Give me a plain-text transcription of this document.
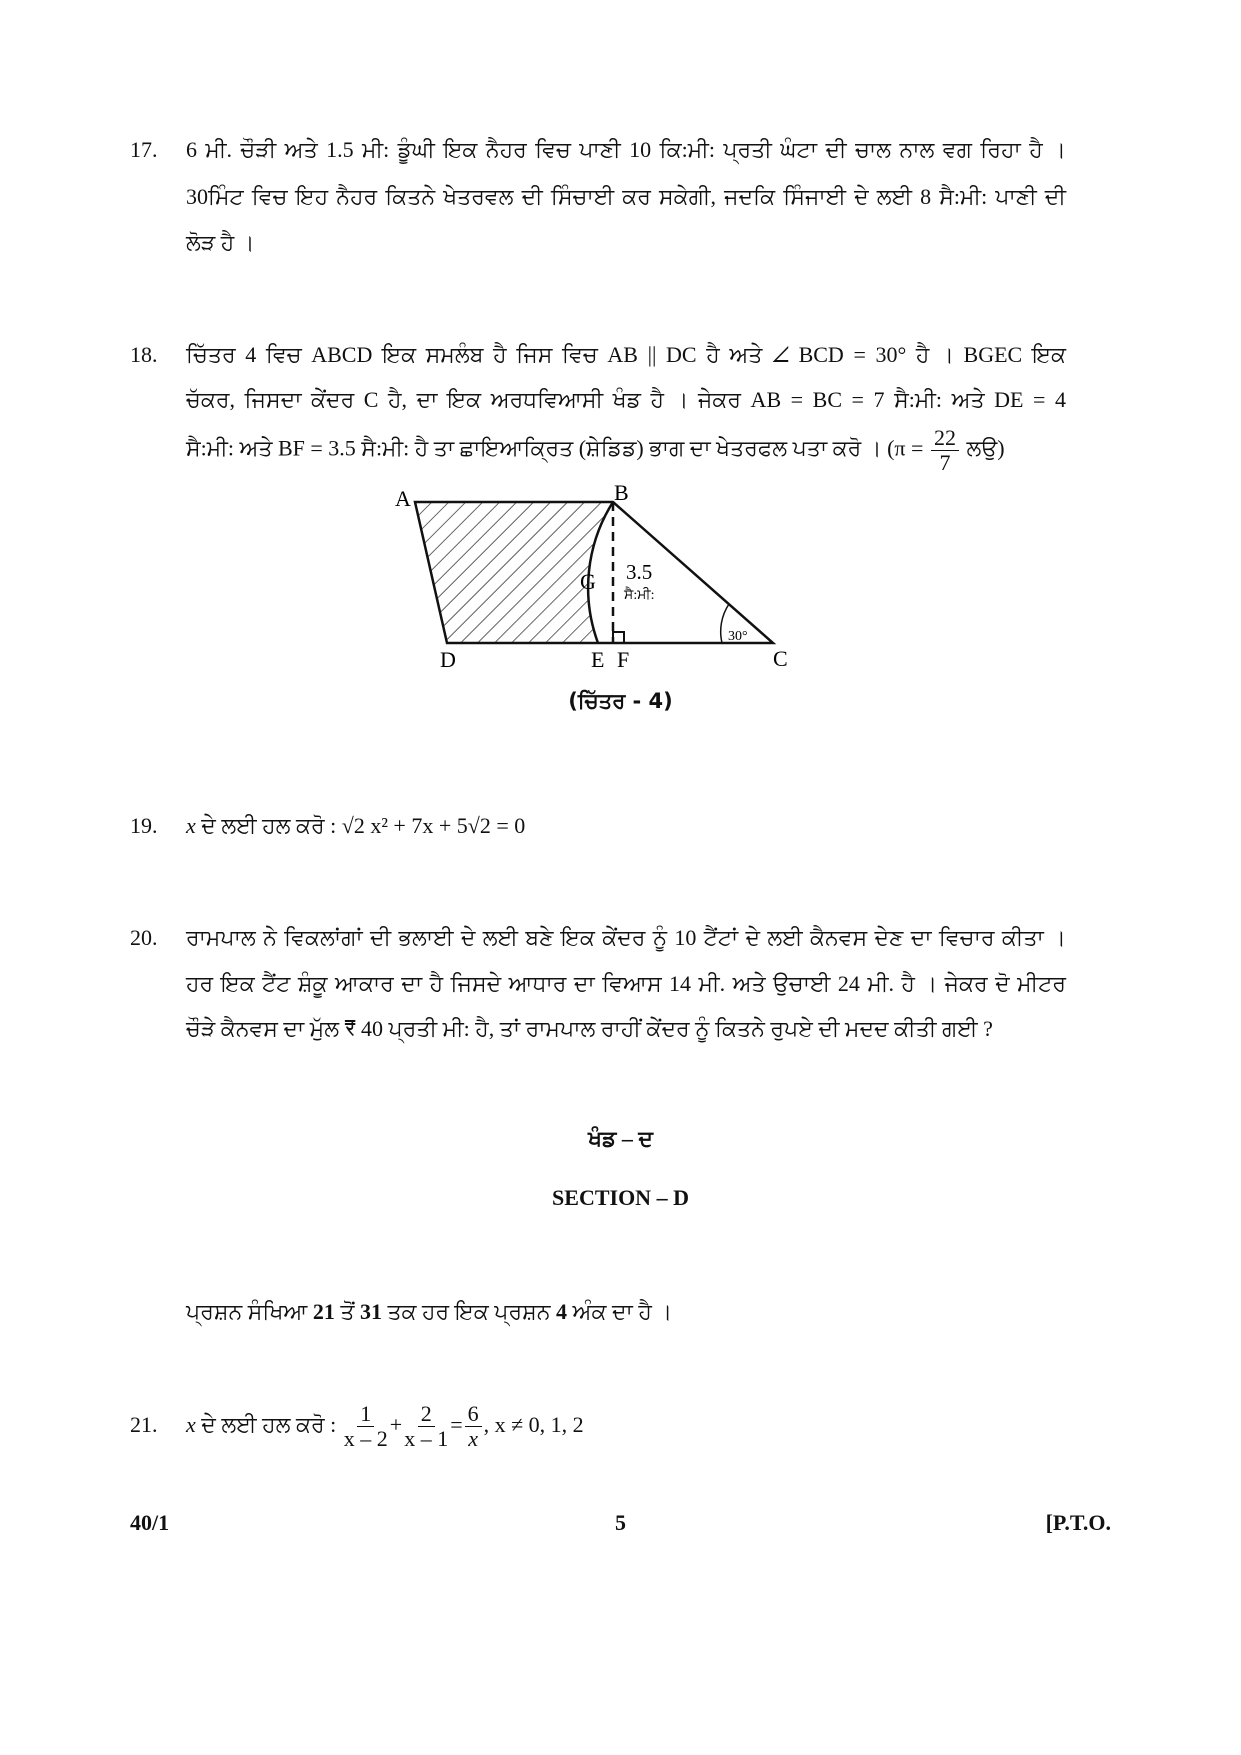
17. 6 ਮੀ. ਚੌੜੀ ਅਤੇ 1.5 ਮੀ: ਡੂੰਘੀ ਇਕ ਨੈਹਰ ਵਿਚ ਪਾਣੀ 10 ਕਿ:ਮੀ: ਪ੍ਰਤੀ ਘੰਟਾ ਦੀ ਚਾਲ ਨਾਲ ਵਗ ਰਿਹਾ ਹੈ ।
30ਮਿੰਟ ਵਿਚ ਇਹ ਨੈਹਰ ਕਿਤਨੇ ਖੇਤਰਵਲ ਦੀ ਸਿੰਚਾਈ ਕਰ ਸਕੇਗੀ, ਜਦਕਿ ਸਿੰਜਾਈ ਦੇ ਲਈ 8 ਸੈ:ਮੀ: ਪਾਣੀ ਦੀ
ਲੋੜ ਹੈ ।
18. ਚਿੱਤਰ 4 ਵਿਚ ABCD ਇਕ ਸਮਲੰਬ ਹੈ ਜਿਸ ਵਿਚ AB || DC ਹੈ ਅਤੇ ∠ BCD = 30° ਹੈ । BGEC ਇਕ
ਚੱਕਰ, ਜਿਸਦਾ ਕੇਂਦਰ C ਹੈ, ਦਾ ਇਕ ਅਰਧਵਿਆਸੀ ਖੰਡ ਹੈ । ਜੇਕਰ AB = BC = 7 ਸੈ:ਮੀ: ਅਤੇ DE = 4
ਸੈ:ਮੀ: ਅਤੇ BF = 3.5 ਸੈ:ਮੀ: ਹੈ ਤਾ ਛਾਇਆਕ੍ਰਿਤ (ਸ਼ੇਡਿਡ) ਭਾਗ ਦਾ ਖੇਤਰਫਲ ਪਤਾ ਕਰੋ । ($\pi = \frac{22}{7}$ ਲਉ)
A	B
C
D	E F
G 3.5
ਸੈ:ਮੀ:
30°
(ਚਿੱਤਰ - 4)
19. x ਦੇ ਲਈ ਹਲ ਕਰੋ : √2 x² + 7x + 5√2 = 0
20. ਰਾਮਪਾਲ ਨੇ ਵਿਕਲਾਂਗਾਂ ਦੀ ਭਲਾਈ ਦੇ ਲਈ ਬਣੇ ਇਕ ਕੇਂਦਰ ਨੂੰ 10 ਟੈਂਟਾਂ ਦੇ ਲਈ ਕੈਨਵਸ ਦੇਣ ਦਾ ਵਿਚਾਰ ਕੀਤਾ ।
ਹਰ ਇਕ ਟੈਂਟ ਸ਼ੰਕੂ ਆਕਾਰ ਦਾ ਹੈ ਜਿਸਦੇ ਆਧਾਰ ਦਾ ਵਿਆਸ 14 ਮੀ. ਅਤੇ ਉਚਾਈ 24 ਮੀ. ਹੈ । ਜੇਕਰ ਦੋ ਮੀਟਰ
ਚੌੜੇ ਕੈਨਵਸ ਦਾ ਮੁੱਲ ₹ 40 ਪ੍ਰਤੀ ਮੀ: ਹੈ, ਤਾਂ ਰਾਮਪਾਲ ਰਾਹੀਂ ਕੇਂਦਰ ਨੂੰ ਕਿਤਨੇ ਰੁਪਏ ਦੀ ਮਦਦ ਕੀਤੀ ਗਈ ?
ਖੰਡ – ਦ
SECTION – D
ਪ੍ਰਸ਼ਨ ਸੰਖਿਆ 21 ਤੋਂ 31 ਤਕ ਹਰ ਇਕ ਪ੍ਰਸ਼ਨ 4 ਅੰਕ ਦਾ ਹੈ ।
21. x ਦੇ ਲਈ ਹਲ ਕਰੋ : $\frac{1}{x - 2} + \frac{2}{x - 1} = \frac{6}{x}$ , x ≠ 0, 1, 2
40/1	5	[P.T.O.
